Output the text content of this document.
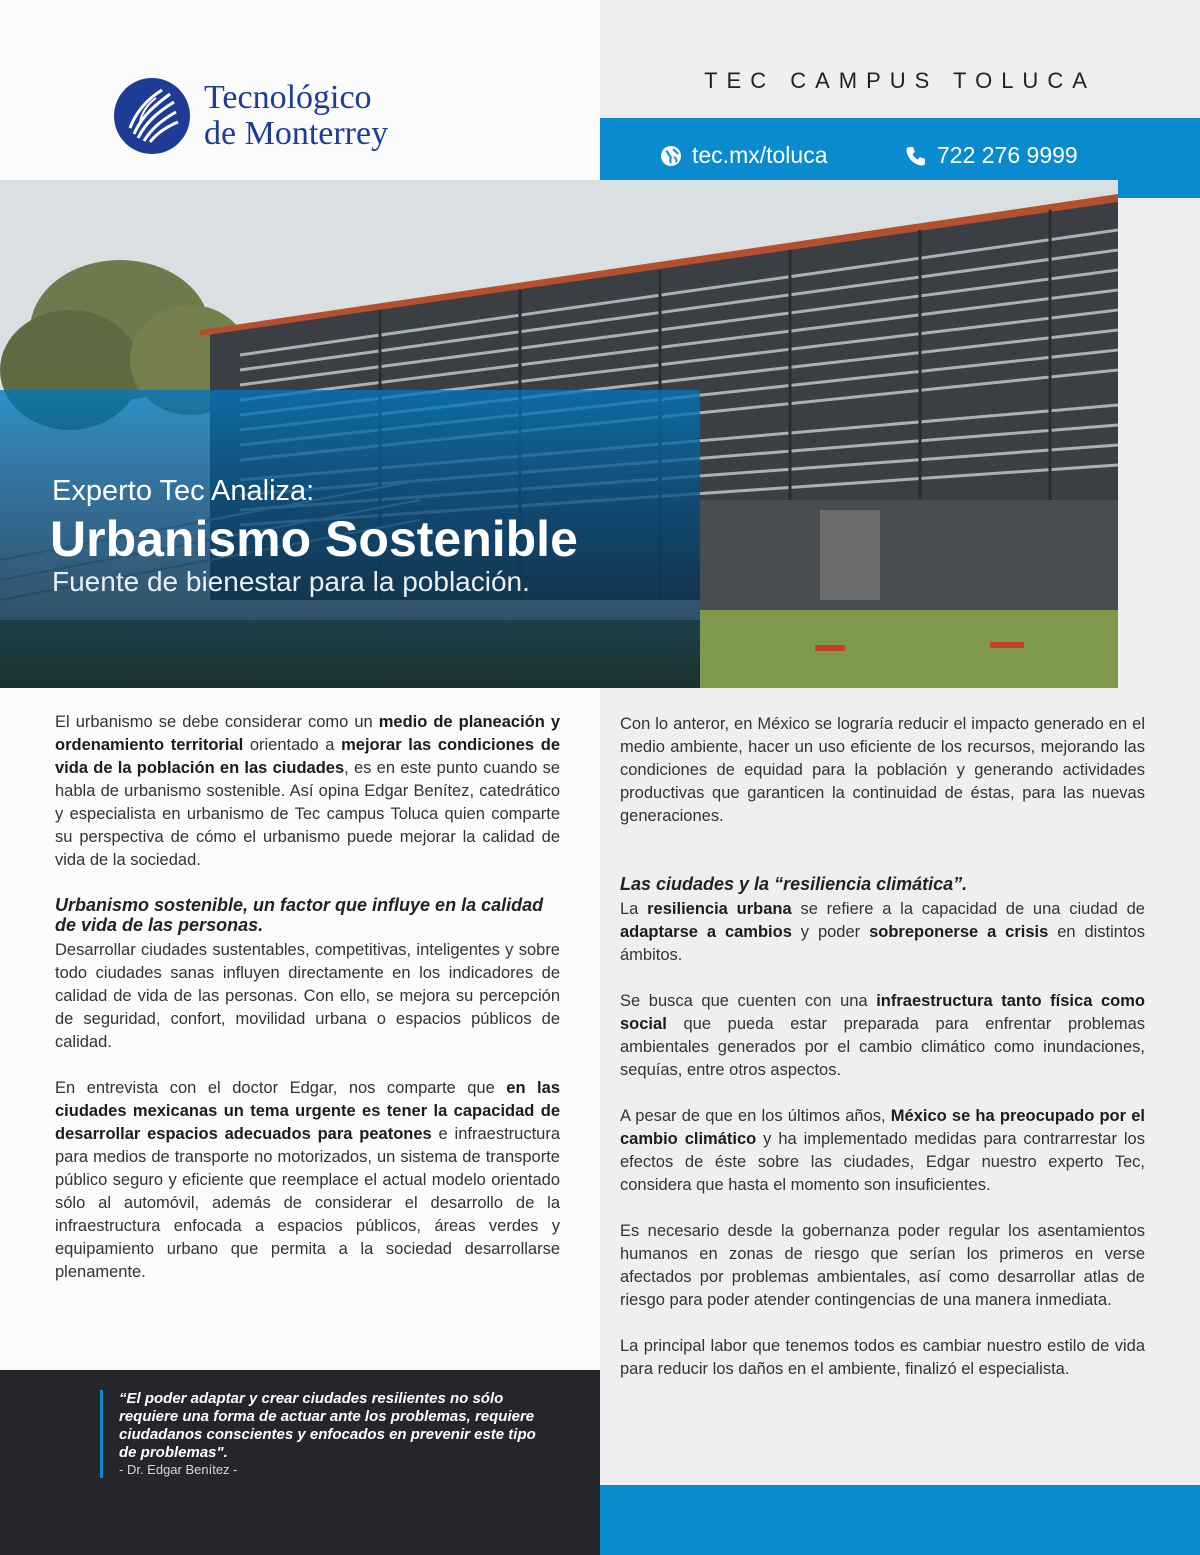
Tecnológico
de Monterrey
TEC CAMPUS TOLUCA
tec.mx/toluca	722 276 9999
Experto Tec Analiza:
Urbanismo Sostenible
Fuente de bienestar para la población.

El urbanismo se debe considerar como un medio de planeación y ordenamiento territorial orientado a mejorar las condiciones de vida de la población en las ciudades, es en este punto cuando se habla de urbanismo sostenible. Así opina Edgar Benítez, catedrático y especialista en urbanismo de Tec campus Toluca quien comparte su perspectiva de cómo el urbanismo puede mejorar la calidad de vida de la sociedad.

Urbanismo sostenible, un factor que influye en la calidad de vida de las personas.

Desarrollar ciudades sustentables, competitivas, inteligentes y sobre todo ciudades sanas influyen directamente en los indicadores de calidad de vida de las personas. Con ello, se mejora su percepción de seguridad, confort, movilidad urbana o espacios públicos de calidad.

En entrevista con el doctor Edgar, nos comparte que en las ciudades mexicanas un tema urgente es tener la capacidad de desarrollar espacios adecuados para peatones e infraestructura para medios de transporte no motorizados, un sistema de transporte público seguro y eficiente que reemplace el actual modelo orientado sólo al automóvil, además de considerar el desarrollo de la infraestructura enfocada a espacios públicos, áreas verdes y equipamiento urbano que permita a la sociedad desarrollarse plenamente.

Con lo anteror, en México se lograría reducir el impacto generado en el medio ambiente, hacer un uso eficiente de los recursos, mejorando las condiciones de equidad para la población y generando actividades productivas que garanticen la continuidad de éstas, para las nuevas generaciones.

Las ciudades y la “resiliencia climática”.

La resiliencia urbana se refiere a la capacidad de una ciudad de adaptarse a cambios y poder sobreponerse a crisis en distintos ámbitos.

Se busca que cuenten con una infraestructura tanto física como social que pueda estar preparada para enfrentar problemas ambientales generados por el cambio climático como inundaciones, sequías, entre otros aspectos.

A pesar de que en los últimos años, México se ha preocupado por el cambio climático y ha implementado medidas para contrarrestar los efectos de éste sobre las ciudades, Edgar nuestro experto Tec, considera que hasta el momento son insuficientes.

Es necesario desde la gobernanza poder regular los asentamientos humanos en zonas de riesgo que serían los primeros en verse afectados por problemas ambientales, así como desarrollar atlas de riesgo para poder atender contingencias de una manera inmediata.

La principal labor que tenemos todos es cambiar nuestro estilo de vida para reducir los daños en el ambiente, finalizó el especialista.

“El poder adaptar y crear ciudades resilientes no sólo requiere una forma de actuar ante los problemas, requiere ciudadanos conscientes y enfocados en prevenir este tipo de problemas".
- Dr. Edgar Benítez -
